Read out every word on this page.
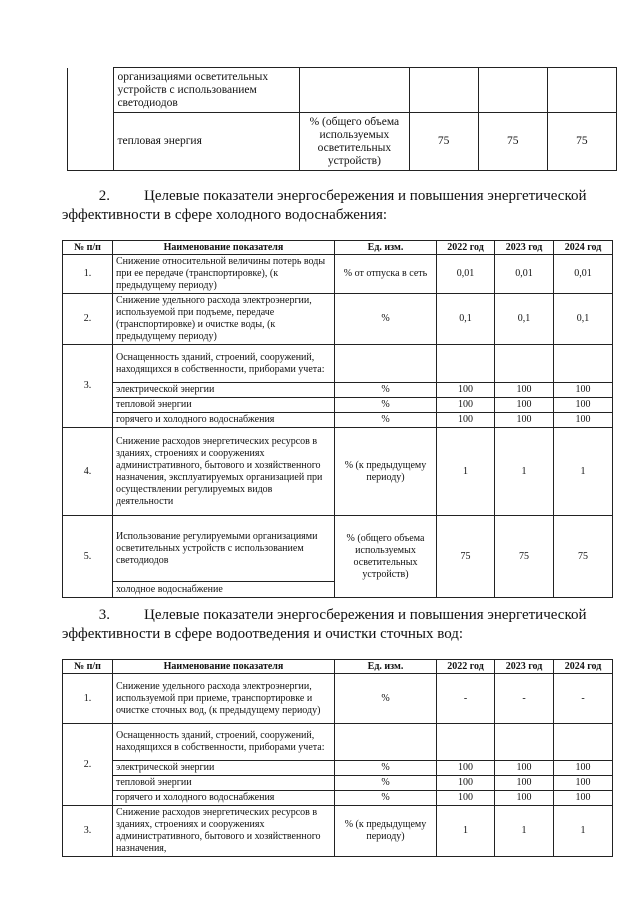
	организациями осветительных устройств с использованием светодиодов				
	тепловая энергия	% (общего объема используемых осветительных устройств)	75	75	75
2. Целевые показатели энергосбережения и повышения энергетической эффективности в сфере холодного водоснабжения:
№ п/п	Наименование показателя	Ед. изм.	2022 год	2023 год	2024 год
1.	Снижение относительной величины потерь воды при ее передаче (транспортировке), (к предыдущему периоду)	% от отпуска в сеть	0,01	0,01	0,01
2.	Снижение удельного расхода электроэнергии, используемой при подъеме, передаче (транспортировке) и очистке воды, (к предыдущему периоду)	%	0,1	0,1	0,1
3.	Оснащенность зданий, строений, сооружений, находящихся в собственности, приборами учета:				
	электрической энергии	%	100	100	100
	тепловой энергии	%	100	100	100
	горячего и холодного водоснабжения	%	100	100	100
4.	Снижение расходов энергетических ресурсов в зданиях, строениях и сооружениях административного, бытового и хозяйственного назначения, эксплуатируемых организацией при осуществлении регулируемых видов деятельности	% (к предыдущему периоду)	1	1	1
5.	Использование регулируемыми организациями осветительных устройств с использованием светодиодов	% (общего объема используемых осветительных устройств)	75	75	75
	холодное водоснабжение				
3. Целевые показатели энергосбережения и повышения энергетической эффективности в сфере водоотведения и очистки сточных вод:
№ п/п	Наименование показателя	Ед. изм.	2022 год	2023 год	2024 год
1.	Снижение удельного расхода электроэнергии, используемой при приеме, транспортировке и очистке сточных вод, (к предыдущему периоду)	%	-	-	-
2.	Оснащенность зданий, строений, сооружений, находящихся в собственности, приборами учета:				
	электрической энергии	%	100	100	100
	тепловой энергии	%	100	100	100
	горячего и холодного водоснабжения	%	100	100	100
3.	Снижение расходов энергетических ресурсов в зданиях, строениях и сооружениях административного, бытового и хозяйственного назначения,	% (к предыдущему периоду)	1	1	1
